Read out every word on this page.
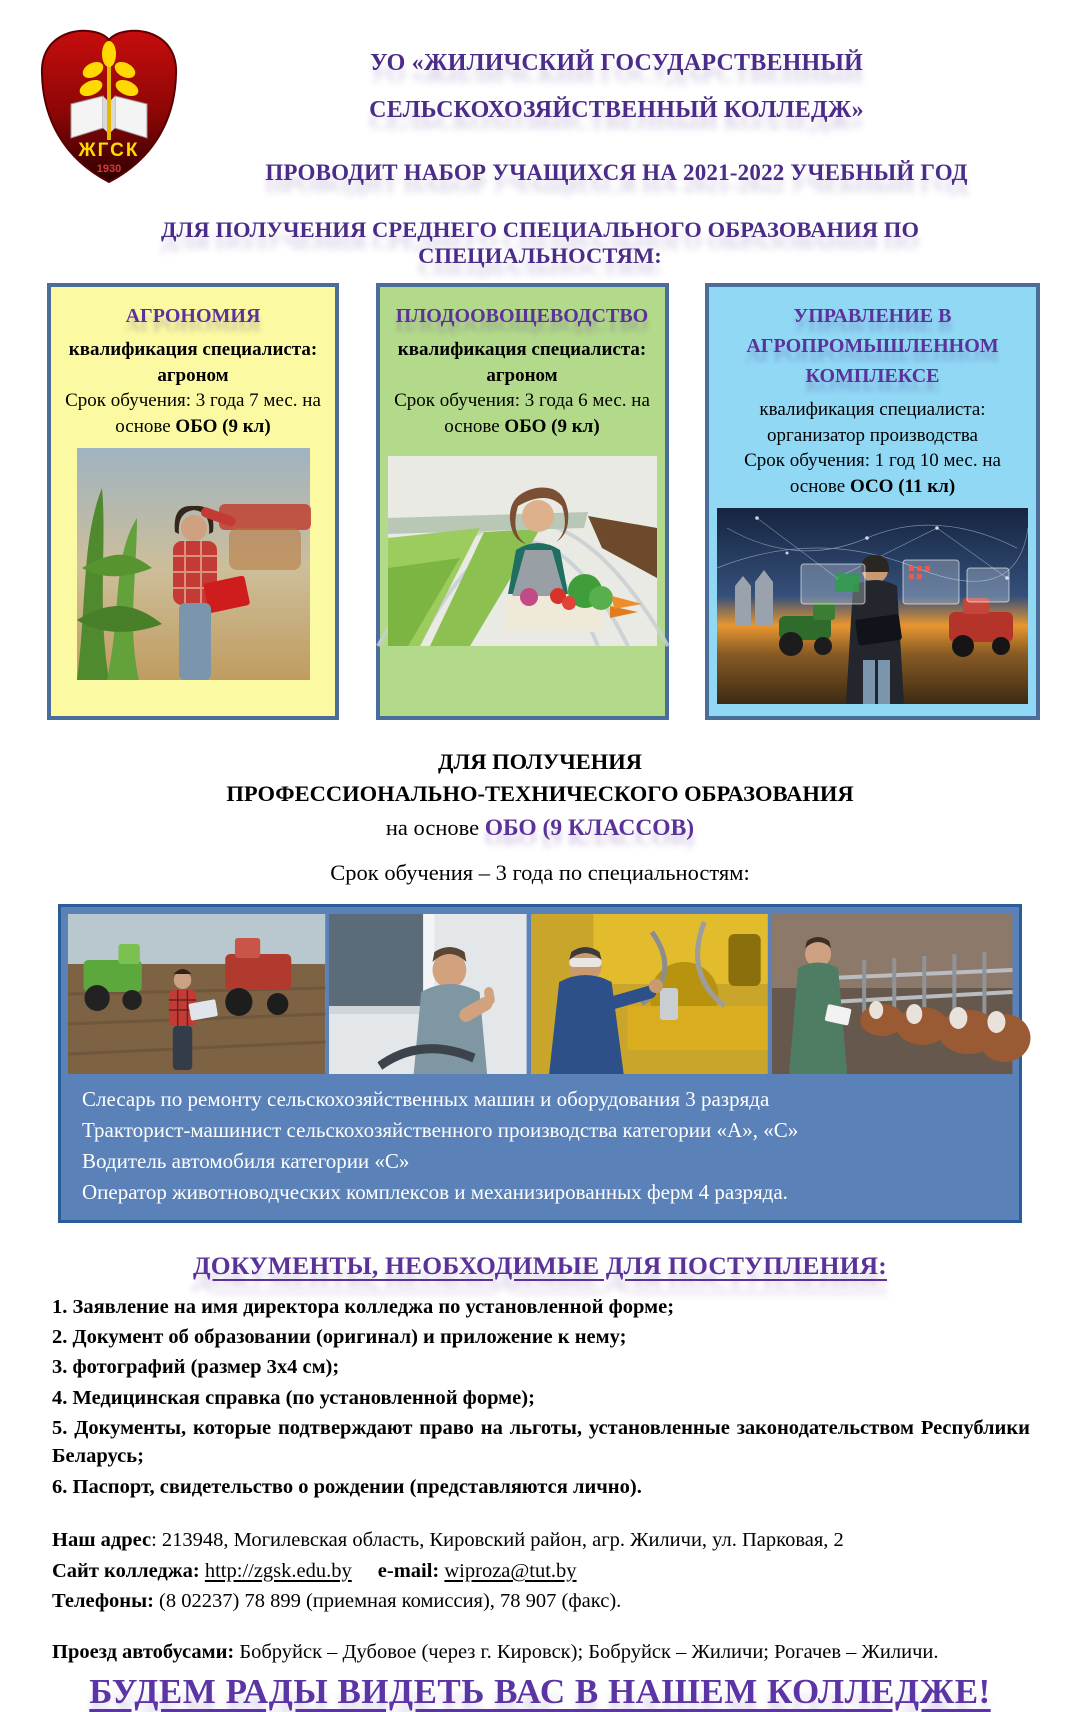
ЖГСК
1930
УО «ЖИЛИЧСКИЙ ГОСУДАРСТВЕННЫЙ СЕЛЬСКОХОЗЯЙСТВЕННЫЙ КОЛЛЕДЖ»
ПРОВОДИТ НАБОР УЧАЩИХСЯ НА 2021-2022 УЧЕБНЫЙ ГОД
ДЛЯ ПОЛУЧЕНИЯ СРЕДНЕГО СПЕЦИАЛЬНОГО ОБРАЗОВАНИЯ ПО СПЕЦИАЛЬНОСТЯМ:
АГРОНОМИЯ
квалификация специалиста:
агроном
Срок обучения: 3 года 7 мес. на основе ОБО (9 кл)
ПЛОДООВОЩЕВОДСТВО
квалификация специалиста:
агроном
Срок обучения: 3 года 6 мес. на основе ОБО (9 кл)
УПРАВЛЕНИЕ В АГРОПРОМЫШЛЕННОМ КОМПЛЕКСЕ
квалификация специалиста:
организатор производства
Срок обучения: 1 год 10 мес. на основе ОСО (11 кл)
ДЛЯ ПОЛУЧЕНИЯ
ПРОФЕССИОНАЛЬНО-ТЕХНИЧЕСКОГО ОБРАЗОВАНИЯ
на основе ОБО (9 КЛАССОВ)
Срок обучения – 3 года по специальностям:
Слесарь по ремонту сельскохозяйственных машин и оборудования 3 разряда
Тракторист-машинист сельскохозяйственного производства категории «А», «С»
Водитель автомобиля категории «С»
Оператор животноводческих комплексов и механизированных ферм 4 разряда.
ДОКУМЕНТЫ, НЕОБХОДИМЫЕ ДЛЯ ПОСТУПЛЕНИЯ:
1. Заявление на имя директора колледжа по установленной форме;
2. Документ об образовании (оригинал) и приложение к нему;
3. фотографий (размер 3х4 см);
4. Медицинская справка (по установленной форме);
5. Документы, которые подтверждают право на льготы, установленные законодательством Республики Беларусь;
6. Паспорт, свидетельство о рождении (представляются лично).
Наш адрес: 213948, Могилевская область, Кировский район, агр. Жиличи, ул. Парковая, 2
Сайт колледжа: http://zgsk.edu.by e-mail: wiproza@tut.by
Телефоны: (8 02237) 78 899 (приемная комиссия), 78 907 (факс).
Проезд автобусами: Бобруйск – Дубовое (через г. Кировск); Бобруйск – Жиличи; Рогачев – Жиличи.
БУДЕМ РАДЫ ВИДЕТЬ ВАС В НАШЕМ КОЛЛЕДЖЕ!
